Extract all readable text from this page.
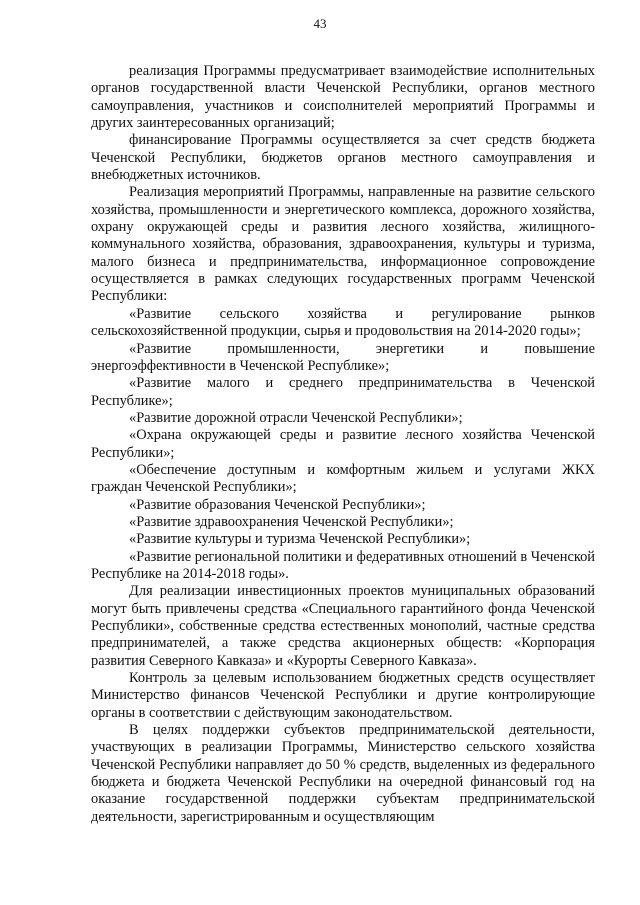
43

реализация Программы предусматривает взаимодействие исполнительных органов государственной власти Чеченской Республики, органов местного самоуправления, участников и соисполнителей мероприятий Программы и других заинтересованных организаций;

финансирование Программы осуществляется за счет средств бюджета Чеченской Республики, бюджетов органов местного самоуправления и внебюджетных источников.

Реализация мероприятий Программы, направленные на развитие сельского хозяйства, промышленности и энергетического комплекса, дорожного хозяйства, охрану окружающей среды и развития лесного хозяйства, жилищного-коммунального хозяйства, образования, здравоохранения, культуры и туризма, малого бизнеса и предпринимательства, информационное сопровождение осуществляется в рамках следующих государственных программ Чеченской Республики:

«Развитие сельского хозяйства и регулирование рынков сельскохозяйственной продукции, сырья и продовольствия на 2014-2020 годы»;

«Развитие промышленности, энергетики и повышение энергоэффективности в Чеченской Республике»;

«Развитие малого и среднего предпринимательства в Чеченской Республике»;

«Развитие дорожной отрасли Чеченской Республики»;

«Охрана окружающей среды и развитие лесного хозяйства Чеченской Республики»;

«Обеспечение доступным и комфортным жильем и услугами ЖКХ граждан Чеченской Республики»;

«Развитие образования Чеченской Республики»;

«Развитие здравоохранения Чеченской Республики»;

«Развитие культуры и туризма Чеченской Республики»;

«Развитие региональной политики и федеративных отношений в Чеченской Республике на 2014-2018 годы».

Для реализации инвестиционных проектов муниципальных образований могут быть привлечены средства «Специального гарантийного фонда Чеченской Республики», собственные средства естественных монополий, частные средства предпринимателей, а также средства акционерных обществ: «Корпорация развития Северного Кавказа» и «Курорты Северного Кавказа».

Контроль за целевым использованием бюджетных средств осуществляет Министерство финансов Чеченской Республики и другие контролирующие органы в соответствии с действующим законодательством.

В целях поддержки субъектов предпринимательской деятельности, участвующих в реализации Программы, Министерство сельского хозяйства Чеченской Республики направляет до 50 % средств, выделенных из федерального бюджета и бюджета Чеченской Республики на очередной финансовый год на оказание государственной поддержки субъектам предпринимательской деятельности, зарегистрированным и осуществляющим
